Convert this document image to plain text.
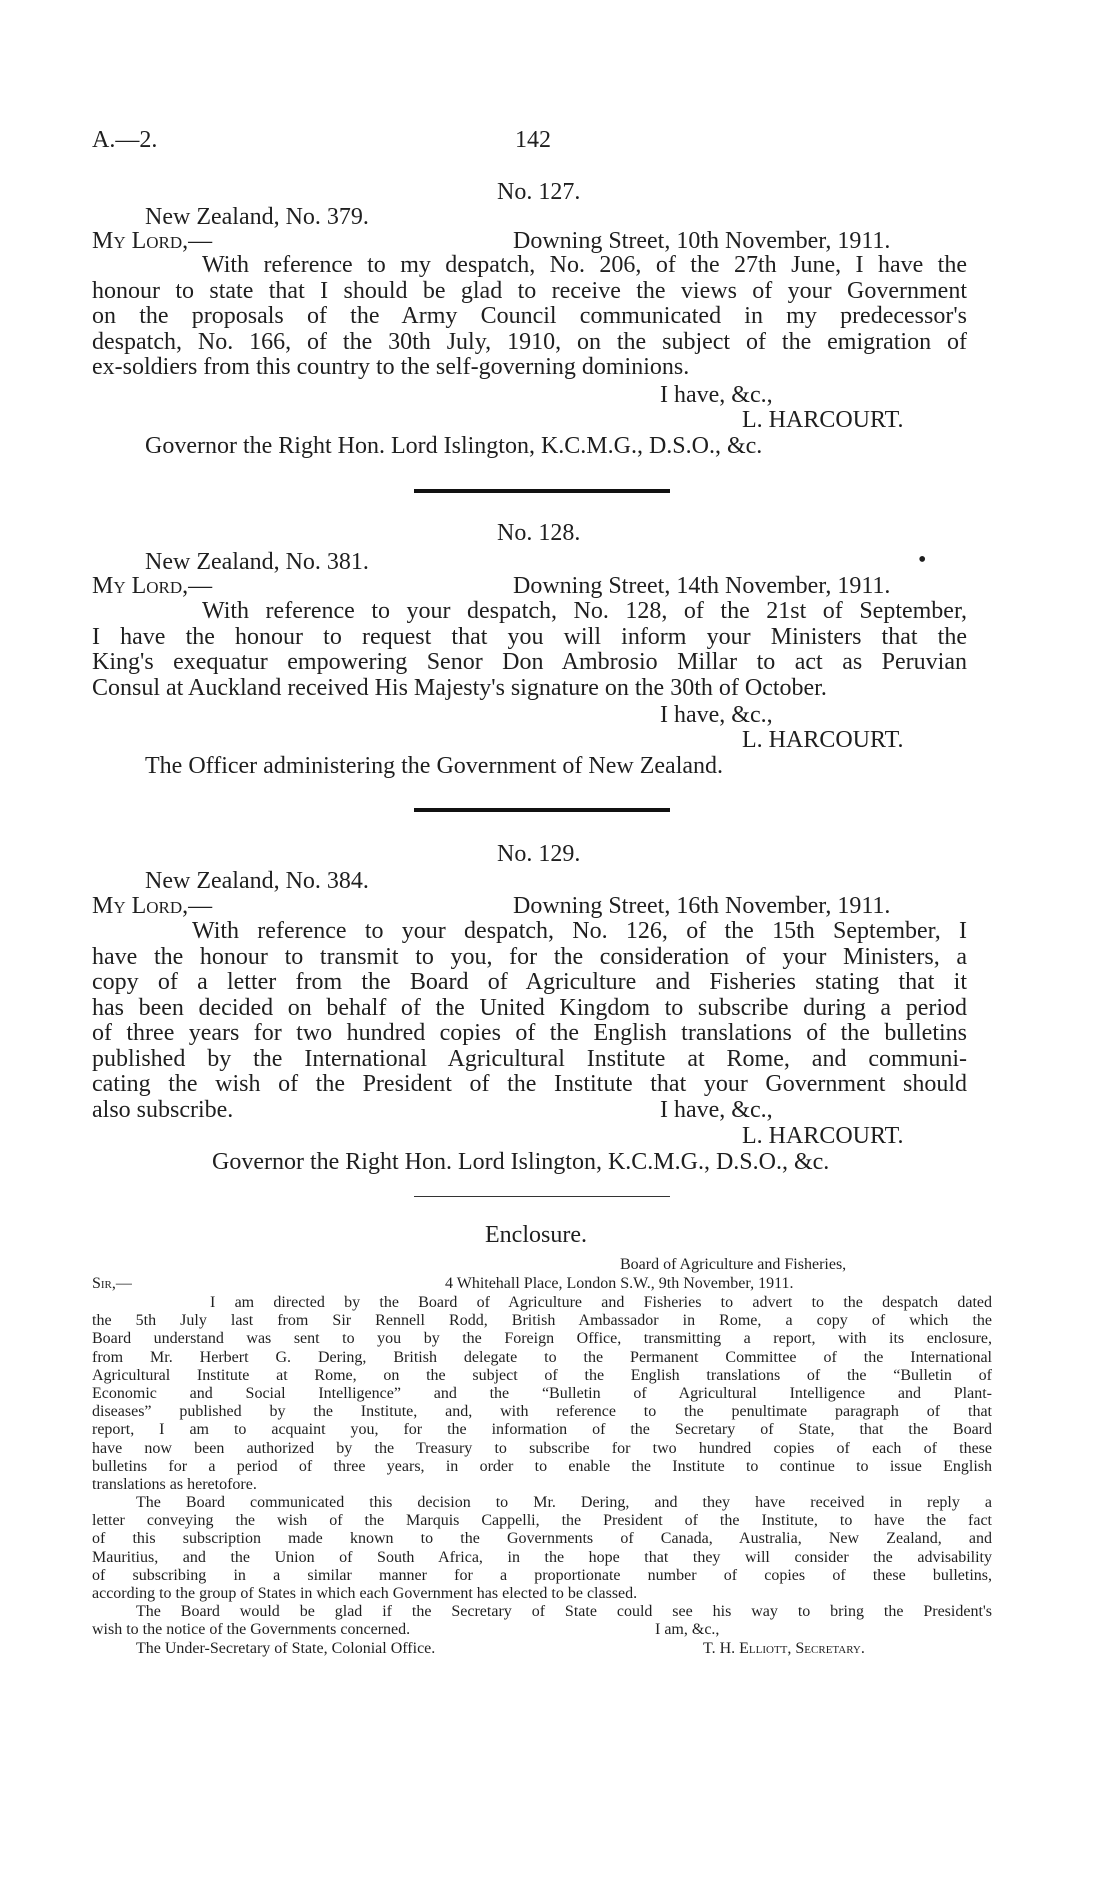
A.—2.	142
No. 127.
New Zealand, No. 379.
My Lord,—	Downing Street, 10th November, 1911.
With reference to my despatch, No. 206, of the 27th June, I have the
honour to state that I should be glad to receive the views of your Government
on the proposals of the Army Council communicated in my predecessor's
despatch, No. 166, of the 30th July, 1910, on the subject of the emigration of
ex-soldiers from this country to the self-governing dominions.
I have, &c.,
L. HARCOURT.
Governor the Right Hon. Lord Islington, K.C.M.G., D.S.O., &c.
No. 128.
New Zealand, No. 381.	•
My Lord,—	Downing Street, 14th November, 1911.
With reference to your despatch, No. 128, of the 21st of September,
I have the honour to request that you will inform your Ministers that the
King's exequatur empowering Senor Don Ambrosio Millar to act as Peruvian
Consul at Auckland received His Majesty's signature on the 30th of October.
I have, &c.,
L. HARCOURT.
The Officer administering the Government of New Zealand.
No. 129.
New Zealand, No. 384.
My Lord,—	Downing Street, 16th November, 1911.
With reference to your despatch, No. 126, of the 15th September, I
have the honour to transmit to you, for the consideration of your Ministers, a
copy of a letter from the Board of Agriculture and Fisheries stating that it
has been decided on behalf of the United Kingdom to subscribe during a period
of three years for two hundred copies of the English translations of the bulletins
published by the International Agricultural Institute at Rome, and communi-
cating the wish of the President of the Institute that your Government should
also subscribe.	I have, &c.,
L. HARCOURT.
Governor the Right Hon. Lord Islington, K.C.M.G., D.S.O., &c.
Enclosure.
Board of Agriculture and Fisheries,
Sir,—	4 Whitehall Place, London S.W., 9th November, 1911.
I am directed by the Board of Agriculture and Fisheries to advert to the despatch dated
the 5th July last from Sir Rennell Rodd, British Ambassador in Rome, a copy of which the
Board understand was sent to you by the Foreign Office, transmitting a report, with its enclosure,
from Mr. Herbert G. Dering, British delegate to the Permanent Committee of the International
Agricultural Institute at Rome, on the subject of the English translations of the “Bulletin of
Economic and Social Intelligence” and the “Bulletin of Agricultural Intelligence and Plant-
diseases” published by the Institute, and, with reference to the penultimate paragraph of that
report, I am to acquaint you, for the information of the Secretary of State, that the Board
have now been authorized by the Treasury to subscribe for two hundred copies of each of these
bulletins for a period of three years, in order to enable the Institute to continue to issue English
translations as heretofore.
The Board communicated this decision to Mr. Dering, and they have received in reply a
letter conveying the wish of the Marquis Cappelli, the President of the Institute, to have the fact
of this subscription made known to the Governments of Canada, Australia, New Zealand, and
Mauritius, and the Union of South Africa, in the hope that they will consider the advisability
of subscribing in a similar manner for a proportionate number of copies of these bulletins,
according to the group of States in which each Government has elected to be classed.
The Board would be glad if the Secretary of State could see his way to bring the President's
wish to the notice of the Governments concerned.	I am, &c.,
The Under-Secretary of State, Colonial Office.	T. H. Elliott, Secretary.
